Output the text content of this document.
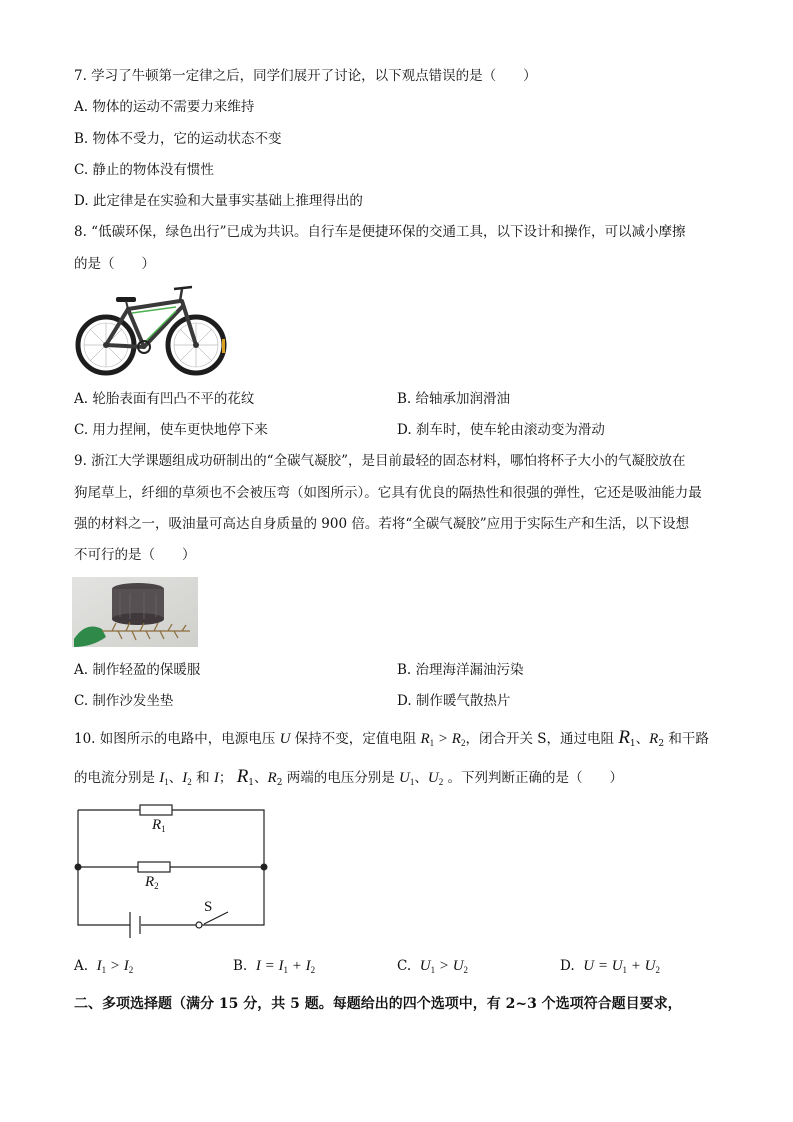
7. 学习了牛顿第一定律之后，同学们展开了讨论，以下观点错误的是（　　）
A. 物体的运动不需要力来维持
B. 物体不受力，它的运动状态不变
C. 静止的物体没有惯性
D. 此定律是在实验和大量事实基础上推理得出的
8. “低碳环保，绿色出行”已成为共识。自行车是便捷环保的交通工具，以下设计和操作，可以减小摩擦
的是（　　）
A. 轮胎表面有凹凸不平的花纹	B. 给轴承加润滑油
C. 用力捏闸，使车更快地停下来	D. 刹车时，使车轮由滚动变为滑动
9. 浙江大学课题组成功研制出的“全碳气凝胶”，是目前最轻的固态材料，哪怕将杯子大小的气凝胶放在
狗尾草上，纤细的草须也不会被压弯（如图所示）。它具有优良的隔热性和很强的弹性，它还是吸油能力最
强的材料之一，吸油量可高达自身质量的 900 倍。若将“全碳气凝胶”应用于实际生产和生活，以下设想
不可行的是（　　）
A. 制作轻盈的保暖服	B. 治理海洋漏油污染
C. 制作沙发坐垫	D. 制作暖气散热片
10. 如图所示的电路中，电源电压 U 保持不变，定值电阻 $R_1 > R_2$，闭合开关 S，通过电阻 $R_1$、$R_2$ 和干路
的电流分别是 $I_1$、$I_2$ 和 I； $R_1$、$R_2$ 两端的电压分别是 $U_1$、$U_2$ 。下列判断正确的是（　　）
$R_1$
$R_2$
S
A. $I_1 > I_2$	B. $I = I_1 + I_2$	C. $U_1 > U_2$	D. $U = U_1 + U_2$
二、多项选择题（满分 15 分，共 5 题。每题给出的四个选项中，有 2~3 个选项符合题目要求，
